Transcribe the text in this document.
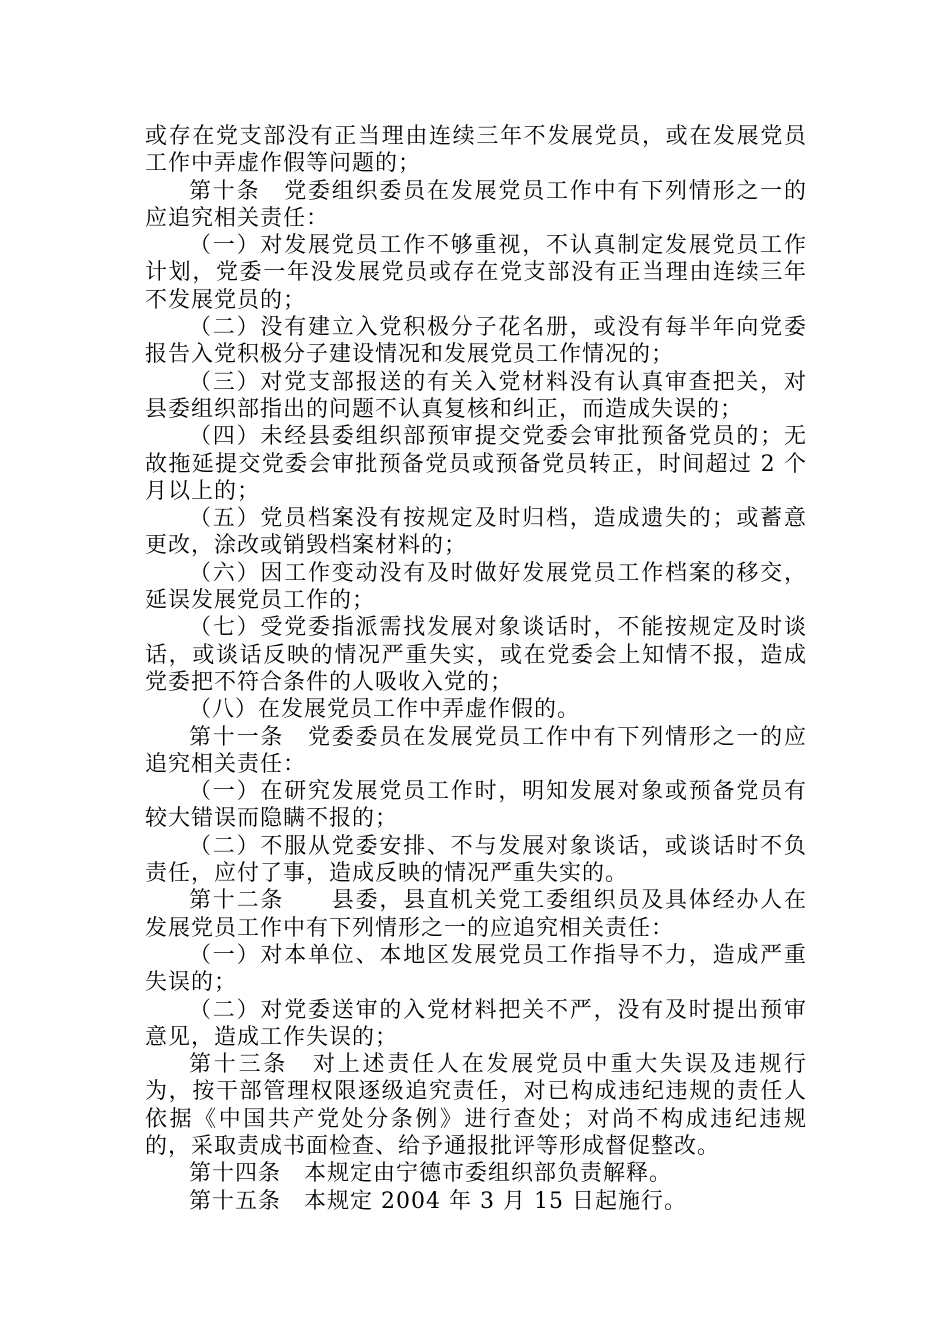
或存在党支部没有正当理由连续三年不发展党员，或在发展党员工作中弄虚作假等问题的；

第十条　党委组织委员在发展党员工作中有下列情形之一的应追究相关责任：

（一）对发展党员工作不够重视，不认真制定发展党员工作计划，党委一年没发展党员或存在党支部没有正当理由连续三年不发展党员的；

（二）没有建立入党积极分子花名册，或没有每半年向党委报告入党积极分子建设情况和发展党员工作情况的；

（三）对党支部报送的有关入党材料没有认真审查把关，对县委组织部指出的问题不认真复核和纠正，而造成失误的；

（四）未经县委组织部预审提交党委会审批预备党员的；无故拖延提交党委会审批预备党员或预备党员转正，时间超过 2 个月以上的；

（五）党员档案没有按规定及时归档，造成遗失的；或蓄意更改，涂改或销毁档案材料的；

（六）因工作变动没有及时做好发展党员工作档案的移交，延误发展党员工作的；

（七）受党委指派需找发展对象谈话时，不能按规定及时谈话，或谈话反映的情况严重失实，或在党委会上知情不报，造成党委把不符合条件的人吸收入党的；

（八）在发展党员工作中弄虚作假的。

第十一条　党委委员在发展党员工作中有下列情形之一的应追究相关责任：

（一）在研究发展党员工作时，明知发展对象或预备党员有较大错误而隐瞒不报的；

（二）不服从党委安排、不与发展对象谈话，或谈话时不负责任，应付了事，造成反映的情况严重失实的。

第十二条　　县委，县直机关党工委组织员及具体经办人在发展党员工作中有下列情形之一的应追究相关责任：

（一）对本单位、本地区发展党员工作指导不力，造成严重失误的；

（二）对党委送审的入党材料把关不严，没有及时提出预审意见，造成工作失误的；

第十三条　对上述责任人在发展党员中重大失误及违规行为，按干部管理权限逐级追究责任，对已构成违纪违规的责任人依据《中国共产党处分条例》进行查处；对尚不构成违纪违规的，采取责成书面检查、给予通报批评等形成督促整改。

第十四条　本规定由宁德市委组织部负责解释。

第十五条　本规定 2004 年 3 月 15 日起施行。
